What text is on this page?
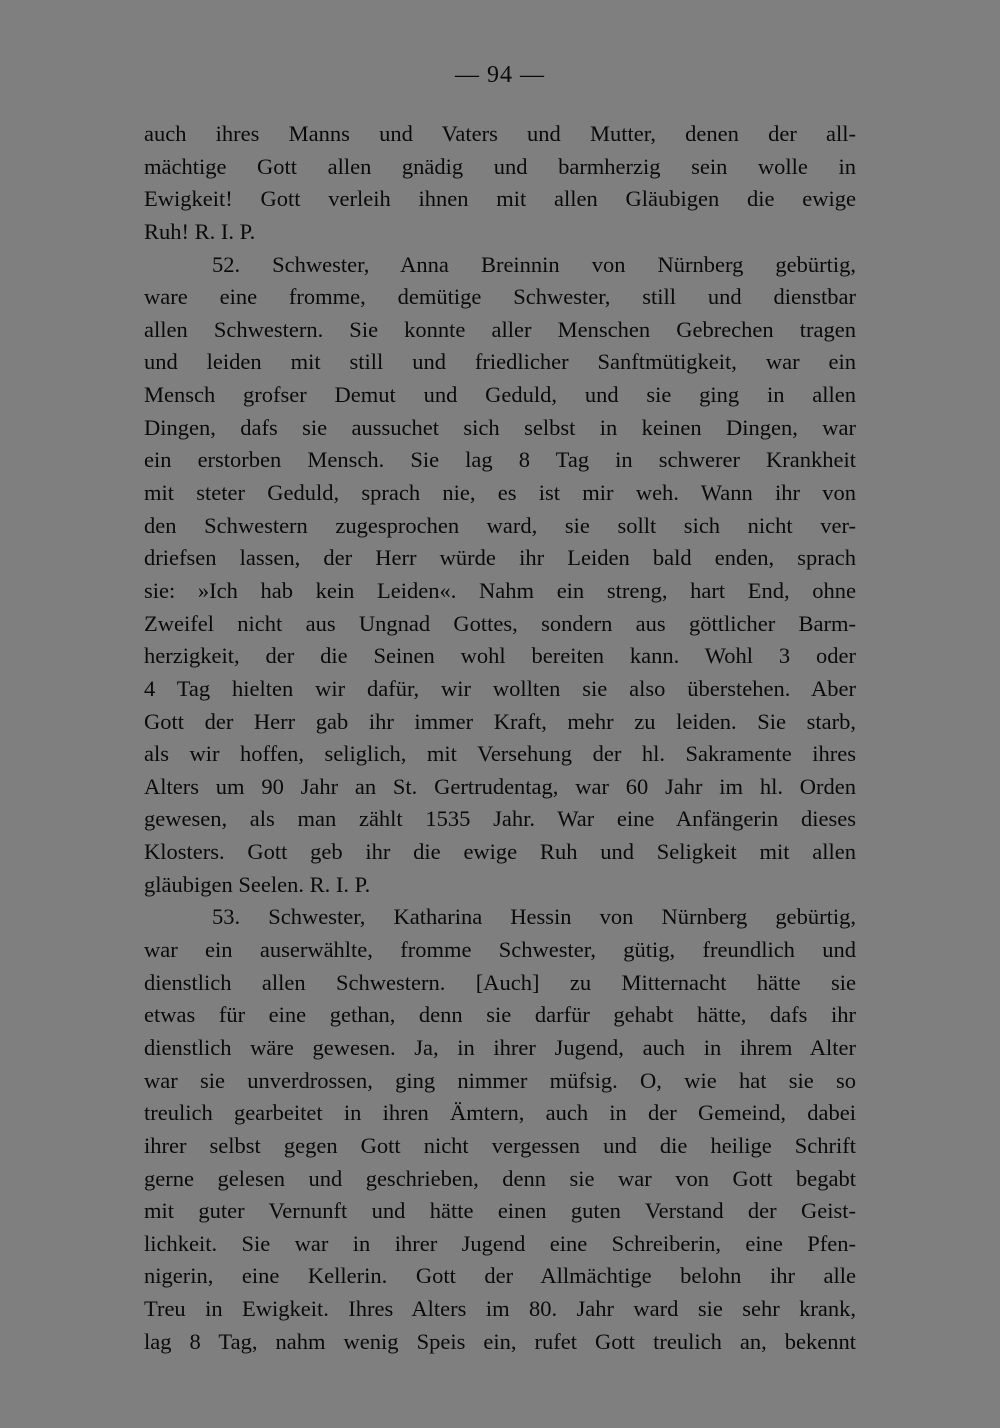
— 94 —
auch ihres Manns und Vaters und Mutter, denen der all-
mächtige Gott allen gnädig und barmherzig sein wolle in
Ewigkeit! Gott verleih ihnen mit allen Gläubigen die ewige
Ruh! R. I. P.
52. Schwester, Anna Breinnin von Nürnberg gebürtig,
ware eine fromme, demütige Schwester, still und dienstbar
allen Schwestern. Sie konnte aller Menschen Gebrechen tragen
und leiden mit still und friedlicher Sanftmütigkeit, war ein
Mensch grofser Demut und Geduld, und sie ging in allen
Dingen, dafs sie aussuchet sich selbst in keinen Dingen, war
ein erstorben Mensch. Sie lag 8 Tag in schwerer Krankheit
mit steter Geduld, sprach nie, es ist mir weh. Wann ihr von
den Schwestern zugesprochen ward, sie sollt sich nicht ver-
driefsen lassen, der Herr würde ihr Leiden bald enden, sprach
sie: »Ich hab kein Leiden«. Nahm ein streng, hart End, ohne
Zweifel nicht aus Ungnad Gottes, sondern aus göttlicher Barm-
herzigkeit, der die Seinen wohl bereiten kann. Wohl 3 oder
4 Tag hielten wir dafür, wir wollten sie also überstehen. Aber
Gott der Herr gab ihr immer Kraft, mehr zu leiden. Sie starb,
als wir hoffen, seliglich, mit Versehung der hl. Sakramente ihres
Alters um 90 Jahr an St. Gertrudentag, war 60 Jahr im hl. Orden
gewesen, als man zählt 1535 Jahr. War eine Anfängerin dieses
Klosters. Gott geb ihr die ewige Ruh und Seligkeit mit allen
gläubigen Seelen. R. I. P.
53. Schwester, Katharina Hessin von Nürnberg gebürtig,
war ein auserwählte, fromme Schwester, gütig, freundlich und
dienstlich allen Schwestern. [Auch] zu Mitternacht hätte sie
etwas für eine gethan, denn sie darfür gehabt hätte, dafs ihr
dienstlich wäre gewesen. Ja, in ihrer Jugend, auch in ihrem Alter
war sie unverdrossen, ging nimmer müfsig. O, wie hat sie so
treulich gearbeitet in ihren Ämtern, auch in der Gemeind, dabei
ihrer selbst gegen Gott nicht vergessen und die heilige Schrift
gerne gelesen und geschrieben, denn sie war von Gott begabt
mit guter Vernunft und hätte einen guten Verstand der Geist-
lichkeit. Sie war in ihrer Jugend eine Schreiberin, eine Pfen-
nigerin, eine Kellerin. Gott der Allmächtige belohn ihr alle
Treu in Ewigkeit. Ihres Alters im 80. Jahr ward sie sehr krank,
lag 8 Tag, nahm wenig Speis ein, rufet Gott treulich an, bekennt
